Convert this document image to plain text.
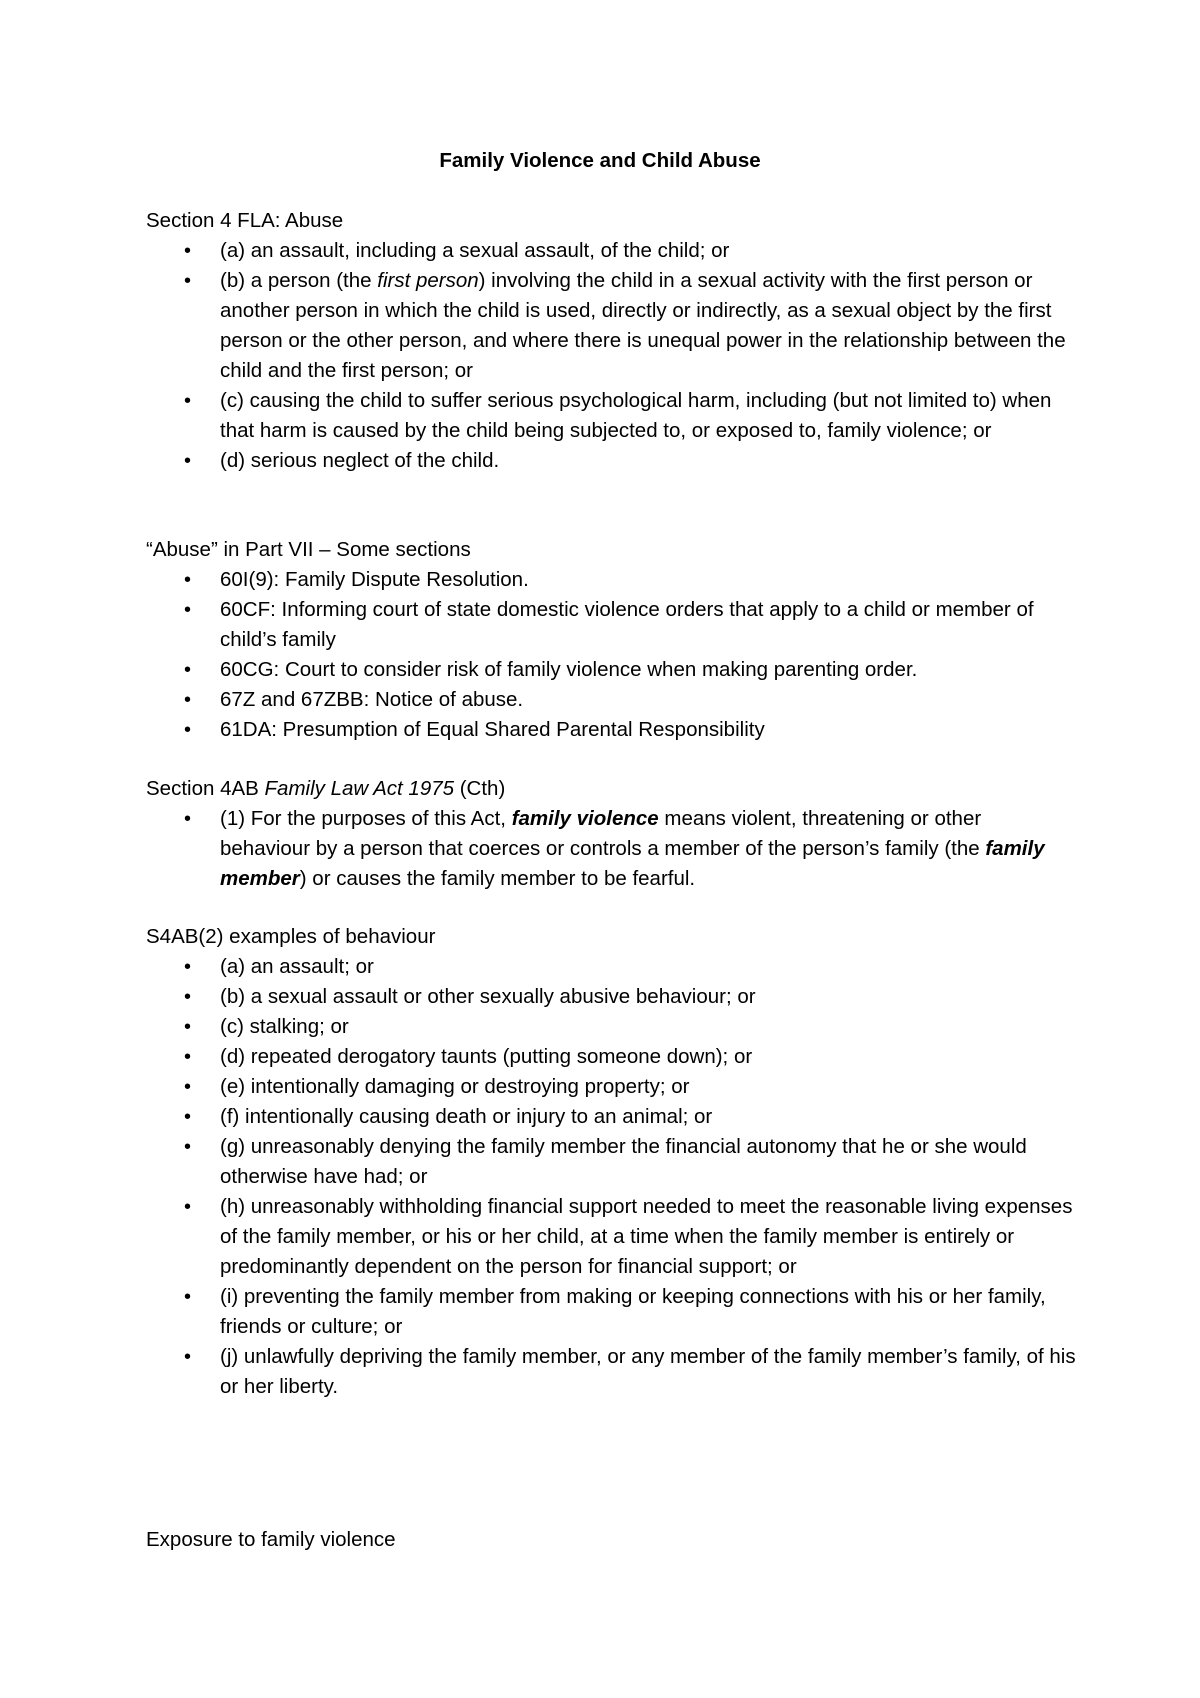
Family Violence and Child Abuse

Section 4 FLA: Abuse

• (a) an assault, including a sexual assault, of the child; or
• (b) a person (the first person) involving the child in a sexual activity with the first person or another person in which the child is used, directly or indirectly, as a sexual object by the first person or the other person, and where there is unequal power in the relationship between the child and the first person; or
• (c) causing the child to suffer serious psychological harm, including (but not limited to) when that harm is caused by the child being subjected to, or exposed to, family violence; or
• (d) serious neglect of the child.

“Abuse” in Part VII – Some sections

• 60I(9): Family Dispute Resolution.
• 60CF: Informing court of state domestic violence orders that apply to a child or member of child’s family
• 60CG: Court to consider risk of family violence when making parenting order.
• 67Z and 67ZBB: Notice of abuse.
• 61DA: Presumption of Equal Shared Parental Responsibility

Section 4AB Family Law Act 1975 (Cth)

• (1) For the purposes of this Act, family violence means violent, threatening or other behaviour by a person that coerces or controls a member of the person’s family (the family member) or causes the family member to be fearful.

S4AB(2) examples of behaviour

• (a) an assault; or
• (b) a sexual assault or other sexually abusive behaviour; or
• (c) stalking; or
• (d) repeated derogatory taunts (putting someone down); or
• (e) intentionally damaging or destroying property; or
• (f) intentionally causing death or injury to an animal; or
• (g) unreasonably denying the family member the financial autonomy that he or she would otherwise have had; or
• (h) unreasonably withholding financial support needed to meet the reasonable living expenses of the family member, or his or her child, at a time when the family member is entirely or predominantly dependent on the person for financial support; or
• (i) preventing the family member from making or keeping connections with his or her family, friends or culture; or
• (j) unlawfully depriving the family member, or any member of the family member’s family, of his or her liberty.

Exposure to family violence
